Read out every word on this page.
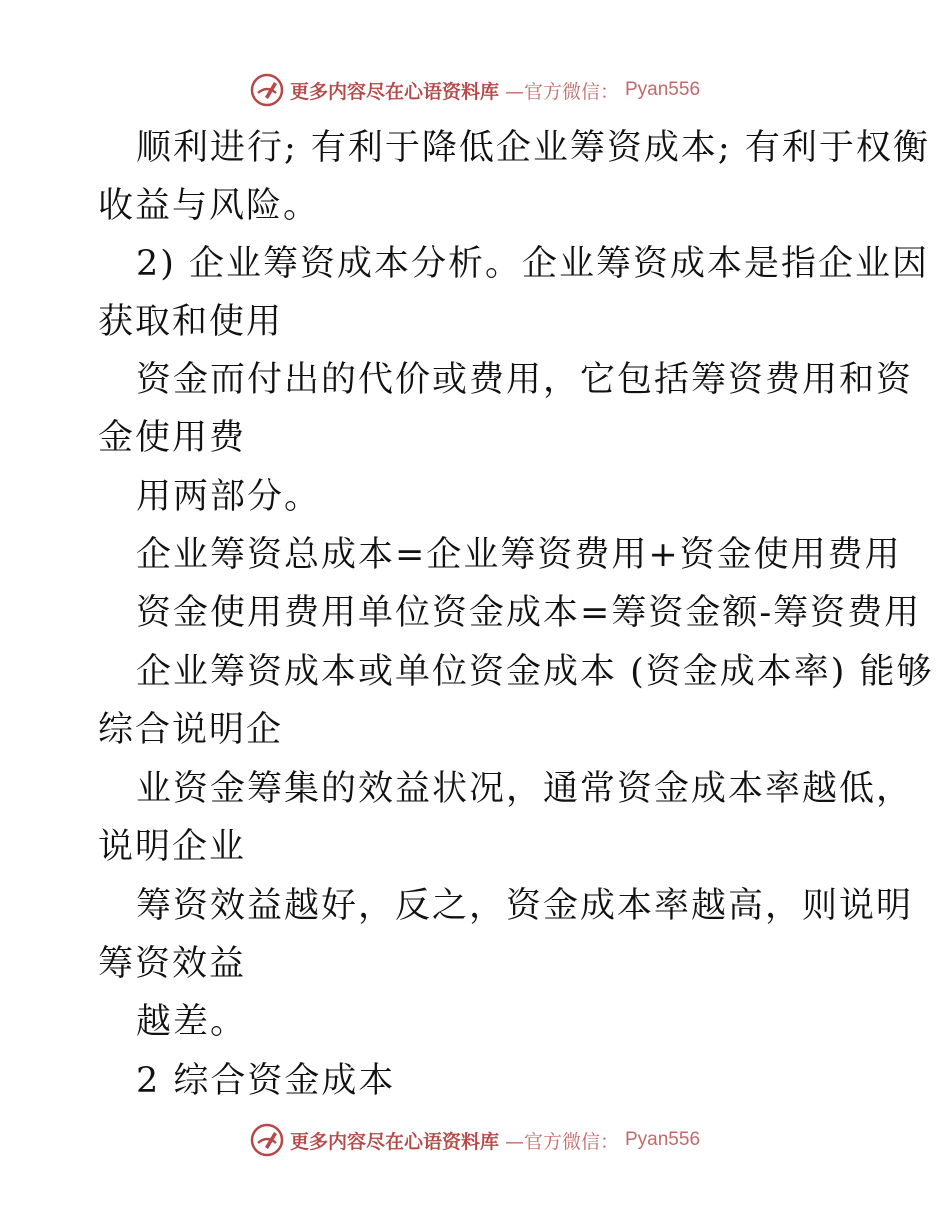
更多内容尽在心语资料库 —官方微信： Pyan556
顺利进行; 有利于降低企业筹资成本; 有利于权衡
收益与风险。
2) 企业筹资成本分析。企业筹资成本是指企业因
获取和使用
资金而付出的代价或费用，它包括筹资费用和资
金使用费
用两部分。
企业筹资总成本=企业筹资费用+资金使用费用
资金使用费用单位资金成本=筹资金额-筹资费用
企业筹资成本或单位资金成本 (资金成本率) 能够
综合说明企
业资金筹集的效益状况，通常资金成本率越低，
说明企业
筹资效益越好，反之，资金成本率越高，则说明
筹资效益
越差。
2 综合资金成本
更多内容尽在心语资料库 —官方微信： Pyan556
